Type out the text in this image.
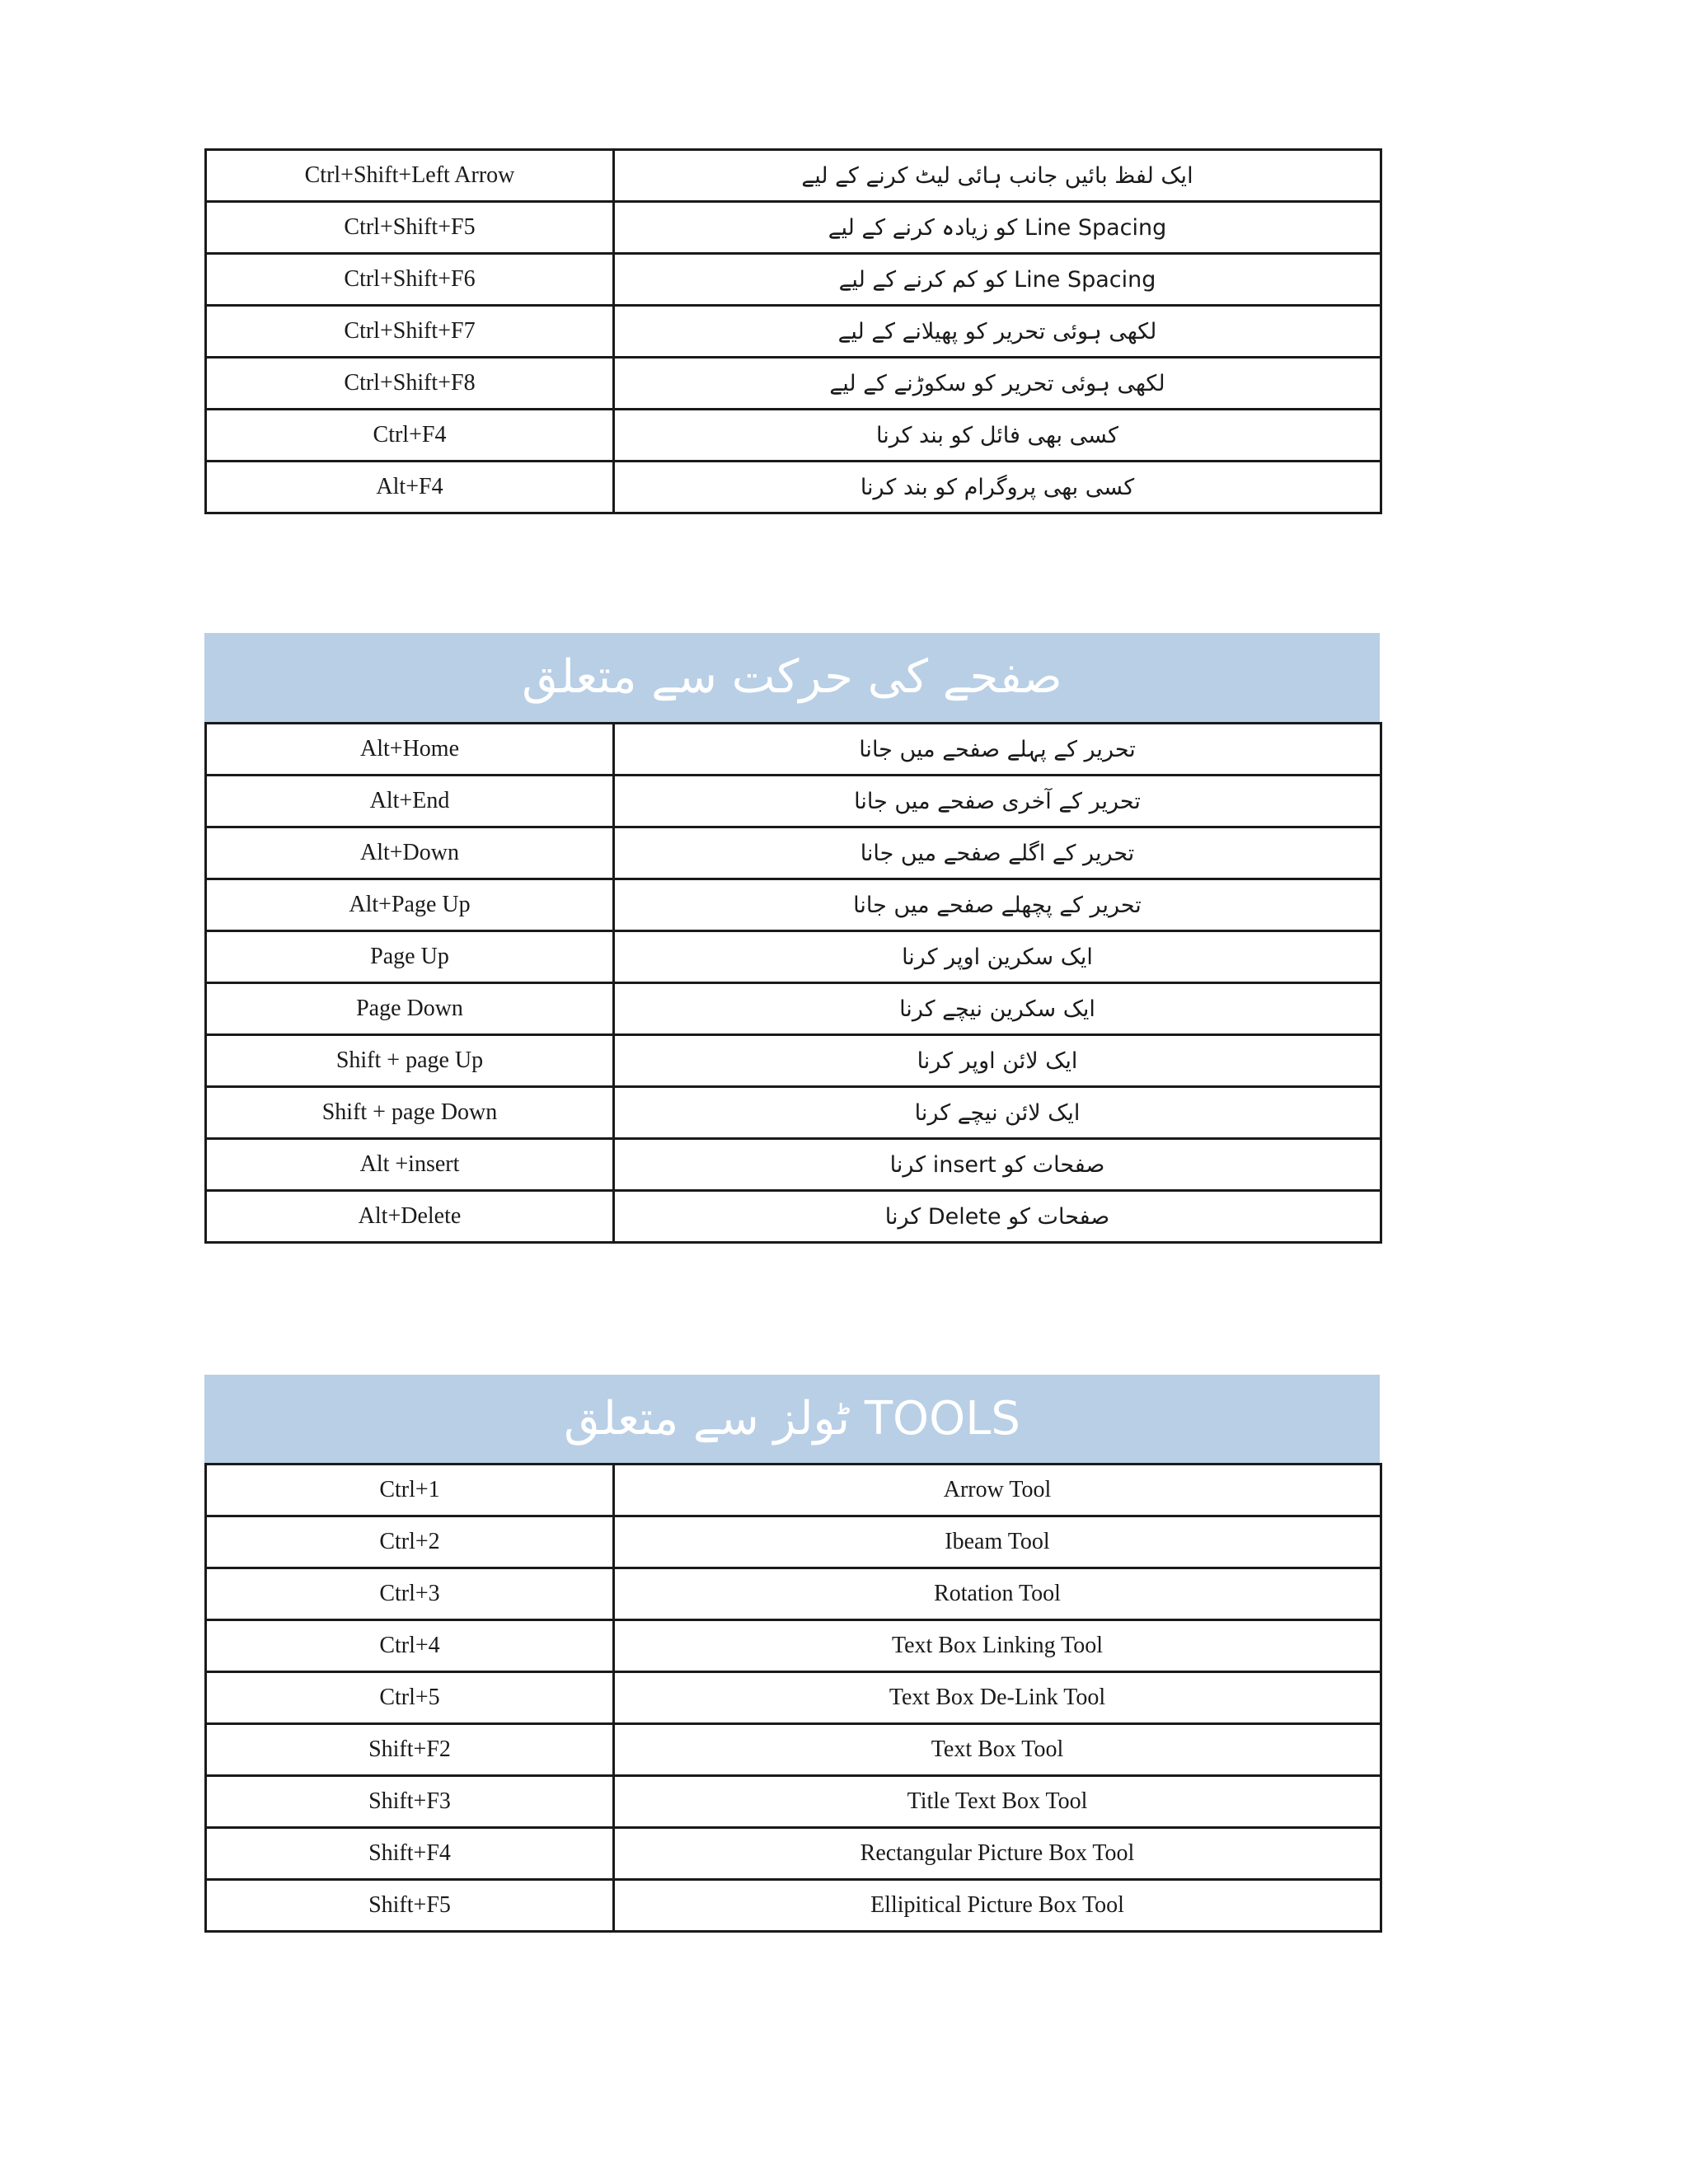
Ctrl+Shift+Left Arrow	ایک لفظ بائیں جانب ہائی لیٹ کرنے کے لیے
Ctrl+Shift+F5	Line Spacing کو زیادہ کرنے کے لیے
Ctrl+Shift+F6	Line Spacing کو کم کرنے کے لیے
Ctrl+Shift+F7	لکھی ہوئی تحریر کو پھیلانے کے لیے
Ctrl+Shift+F8	لکھی ہوئی تحریر کو سکوڑنے کے لیے
Ctrl+F4	کسی بھی فائل کو بند کرنا
Alt+F4	کسی بھی پروگرام کو بند کرنا
صفحے کی حرکت سے متعلق
Alt+Home	تحریر کے پہلے صفحے میں جانا
Alt+End	تحریر کے آخری صفحے میں جانا
Alt+Down	تحریر کے اگلے صفحے میں جانا
Alt+Page Up	تحریر کے پچھلے صفحے میں جانا
Page Up	ایک سکرین اوپر کرنا
Page Down	ایک سکرین نیچے کرنا
Shift + page Up	ایک لائن اوپر کرنا
Shift + page Down	ایک لائن نیچے کرنا
Alt +insert	صفحات کو insert کرنا
Alt+Delete	صفحات کو Delete کرنا
TOOLS ٹولز سے متعلق
Ctrl+1	Arrow Tool
Ctrl+2	Ibeam Tool
Ctrl+3	Rotation Tool
Ctrl+4	Text Box Linking Tool
Ctrl+5	Text Box De-Link Tool
Shift+F2	Text Box Tool
Shift+F3	Title Text Box Tool
Shift+F4	Rectangular Picture Box Tool
Shift+F5	Ellipitical Picture Box Tool
